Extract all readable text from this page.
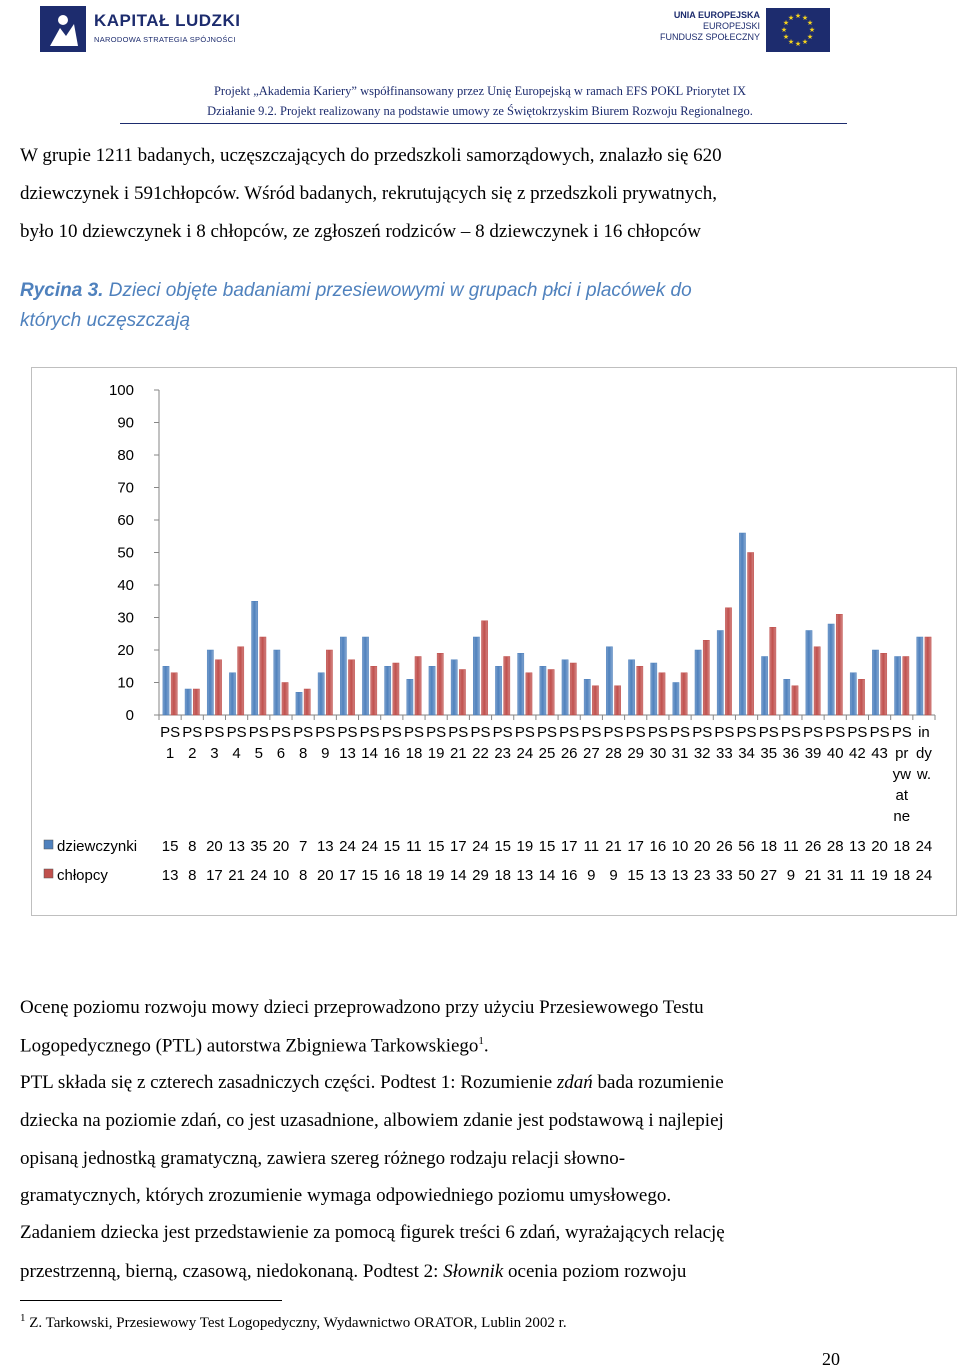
KAPITAŁ LUDZKI
NARODOWA STRATEGIA SPÓJNOŚCI
UNIA EUROPEJSKA
EUROPEJSKI
FUNDUSZ SPOŁECZNY
★ ★
★
★
★
★
★
★
★
★
★
★
Projekt „Akademia Kariery” współfinansowany przez Unię Europejską w ramach EFS POKL Priorytet IX
Działanie 9.2. Projekt realizowany na podstawie umowy ze Świętokrzyskim Biurem Rozwoju Regionalnego.
W grupie 1211 badanych, uczęszczających do przedszkoli samorządowych, znalazło się 620
dziewczynek i 591chłopców. Wśród badanych, rekrutujących się z przedszkoli prywatnych,
było 10 dziewczynek i 8 chłopców, ze zgłoszeń rodziców – 8 dziewczynek i 16 chłopców
Rycina 3. Dzieci objęte badaniami przesiewowymi w grupach płci i placówek do
których uczęszczają
0
10
20
30
40
50
60
70
80
90
100
PS
1
PS
2
PS
3
PS
4
PS
5
PS
6
PS
8
PS
9
PS
13
PS
14
PS
16
PS
18
PS
19
PS
21
PS
22
PS
23
PS
24
PS
25
PS
26
PS
27
PS
28
PS
29
PS
30
PS
31
PS
32
PS
33
PS
34
PS
35
PS
36
PS
39
PS
40
PS
42
PS
43
PS
pr
yw
at
ne
in
dy
w.
dziewczynki 15 8 20 13 35 20 7 13 24 24 15 11 15 17 24 15 19 15 17 11 21 17 16 10 20 26 56 18 11 26 28 13 20 18 24
chłopcy	13 8 17 21 24 10 8 20 17 15 16 18 19 14 29 18 13 14 16 9 9 15 13 13 23 33 50 27 9 21 31 11 19 18 24
Ocenę poziomu rozwoju mowy dzieci przeprowadzono przy użyciu Przesiewowego Testu
Logopedycznego (PTL) autorstwa Zbigniewa Tarkowskiego$^1$.
PTL składa się z czterech zasadniczych części. Podtest 1: Rozumienie zdań bada rozumienie
dziecka na poziomie zdań, co jest uzasadnione, albowiem zdanie jest podstawową i najlepiej
opisaną jednostką gramatyczną, zawiera szereg różnego rodzaju relacji słowno-
gramatycznych, których zrozumienie wymaga odpowiedniego poziomu umysłowego.
Zadaniem dziecka jest przedstawienie za pomocą figurek treści 6 zdań, wyrażających relację
przestrzenną, bierną, czasową, niedokonaną. Podtest 2: Słownik ocenia poziom rozwoju
$^1$ Z. Tarkowski, Przesiewowy Test Logopedyczny, Wydawnictwo ORATOR, Lublin 2002 r.
20
